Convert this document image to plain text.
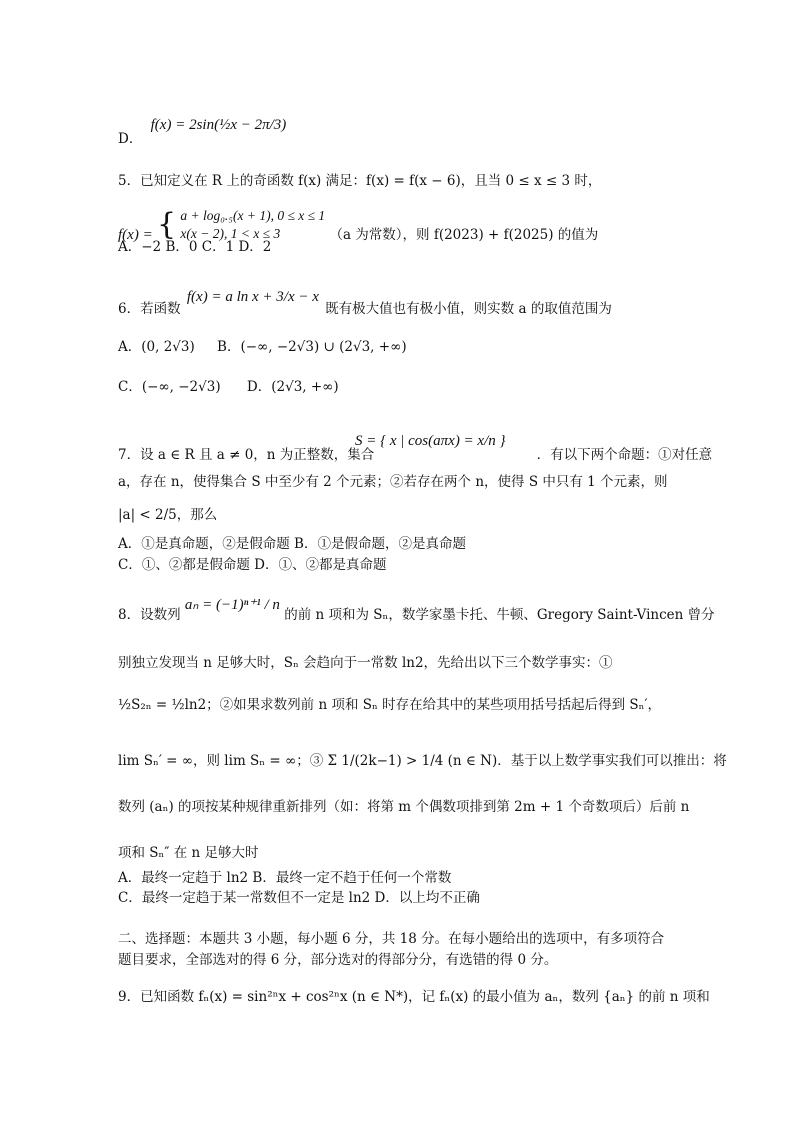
D． f(x) = 2sin(½x − 2π/3)
5．已知定义在 R 上的奇函数 f(x) 满足：f(x) = f(x − 6)，且当 0 ≤ x ≤ 3 时，
f(x) = { a + log₀.₅(x + 1), 0 ≤ x ≤ 1
x(x − 2), 1 < x ≤ 3	（a 为常数），则 f(2023) + f(2025) 的值为
A．−2 B．0 C．1 D．2
6．若函数 f(x) = a ln x + 3/x − x 既有极大值也有极小值，则实数 a 的取值范围为
A．(0, 2√3) B．(−∞, −2√3) ∪ (2√3, +∞)
C．(−∞, −2√3) D．(2√3, +∞)
S = { x | cos(aπx) = x/n }
7．设 a ∈ R 且 a ≠ 0，n 为正整数，集合	．有以下两个命题：①对任意
a，存在 n，使得集合 S 中至少有 2 个元素；②若存在两个 n，使得 S 中只有 1 个元素，则
|a| < 2/5，那么
A．①是真命题，②是假命题 B．①是假命题，②是真命题
C．①、②都是假命题 D．①、②都是真命题
8．设数列 aₙ = (−1)ⁿ⁺¹ / n 的前 n 项和为 Sₙ，数学家墨卡托、牛顿、Gregory Saint-Vincen 曾分
别独立发现当 n 足够大时，Sₙ 会趋向于一常数 ln2，先给出以下三个数学事实：①
½S₂ₙ = ½ln2；②如果求数列前 n 项和 Sₙ 时存在给其中的某些项用括号括起后得到 Sₙ′，
lim Sₙ′ = ∞，则 lim Sₙ = ∞；③ Σ 1/(2k−1) > 1/4 (n ∈ N)．基于以上数学事实我们可以推出：将
数列 (aₙ) 的项按某种规律重新排列（如：将第 m 个偶数项排到第 2m + 1 个奇数项后）后前 n
项和 Sₙ″ 在 n 足够大时
A．最终一定趋于 ln2 B．最终一定不趋于任何一个常数
C．最终一定趋于某一常数但不一定是 ln2 D．以上均不正确
二、选择题：本题共 3 小题，每小题 6 分，共 18 分。在每小题给出的选项中，有多项符合
题目要求，全部选对的得 6 分，部分选对的得部分分，有选错的得 0 分。
9．已知函数 fₙ(x) = sin²ⁿx + cos²ⁿx (n ∈ N*)，记 fₙ(x) 的最小值为 aₙ，数列 {aₙ} 的前 n 项和
